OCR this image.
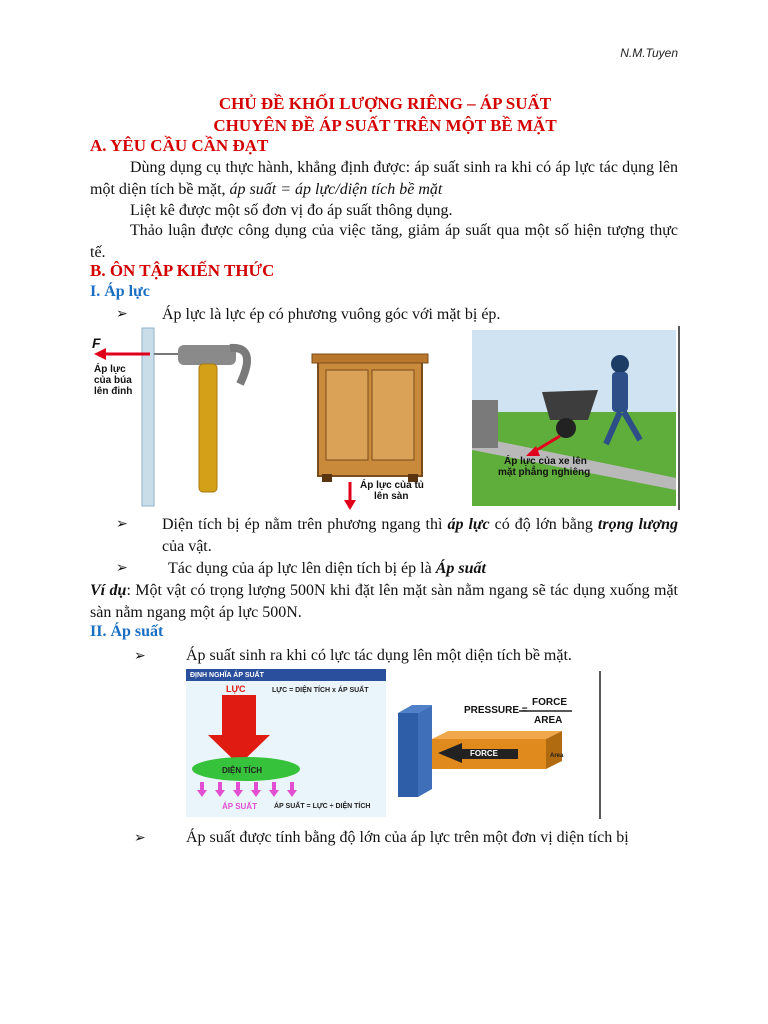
N.M.Tuyen
CHỦ ĐỀ KHỐI LƯỢNG RIÊNG – ÁP SUẤT
CHUYÊN ĐỀ ÁP SUẤT TRÊN MỘT BỀ MẶT
A. YÊU CẦU CẦN ĐẠT
Dùng dụng cụ thực hành, khẳng định được: áp suất sinh ra khi có áp lực tác dụng lên một diện tích bề mặt, áp suất = áp lực/diện tích bề mặt
Liệt kê được một số đơn vị đo áp suất thông dụng.
Thảo luận được công dụng của việc tăng, giảm áp suất qua một số hiện tượng thực tế.
B. ÔN TẬP KIẾN THỨC
I. Áp lực
➢ Áp lực là lực ép có phương vuông góc với mặt bị ép.
F
Áp lực
của búa
lên đinh
Áp lực của tủ
lên sàn
Áp lực của xe lên
mặt phẳng nghiêng
➢ Diện tích bị ép nằm trên phương ngang thì áp lực có độ lớn bằng trọng lượng của vật.
➢	Tác dụng của áp lực lên diện tích bị ép là Áp suất
Ví dụ: Một vật có trọng lượng 500N khi đặt lên mặt sàn nằm ngang sẽ tác dụng xuống mặt sàn nằm ngang một áp lực 500N.
II. Áp suất
➢	Áp suất sinh ra khi có lực tác dụng lên một diện tích bề mặt.
ĐỊNH NGHĨA ÁP SUẤT
LỰC	LỰC = DIỆN TÍCH x ÁP SUẤT
DIỆN TÍCH
ÁP SUẤT ÁP SUẤT = LỰC ÷ DIỆN TÍCH
PRESSURE =
FORCE
AREA
FORCE	Area
➢	Áp suất được tính bằng độ lớn của áp lực trên một đơn vị diện tích bị
